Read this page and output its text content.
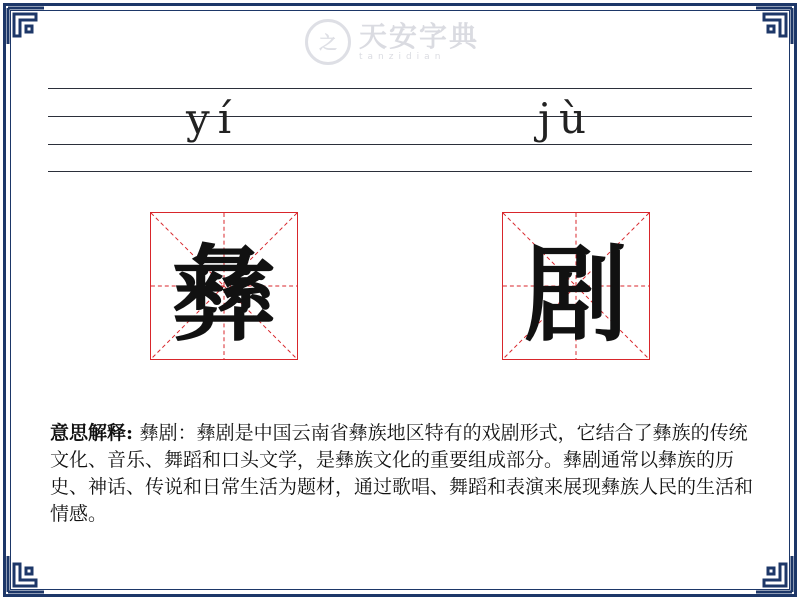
之 天安字典
tanzidian
yí	jù
彝 剧
意思解释: 彝剧：彝剧是中国云南省彝族地区特有的戏剧形式，它结合了彝族的传统文化、音乐、舞蹈和口头文学，是彝族文化的重要组成部分。彝剧通常以彝族的历史、神话、传说和日常生活为题材，通过歌唱、舞蹈和表演来展现彝族人民的生活和情感。
